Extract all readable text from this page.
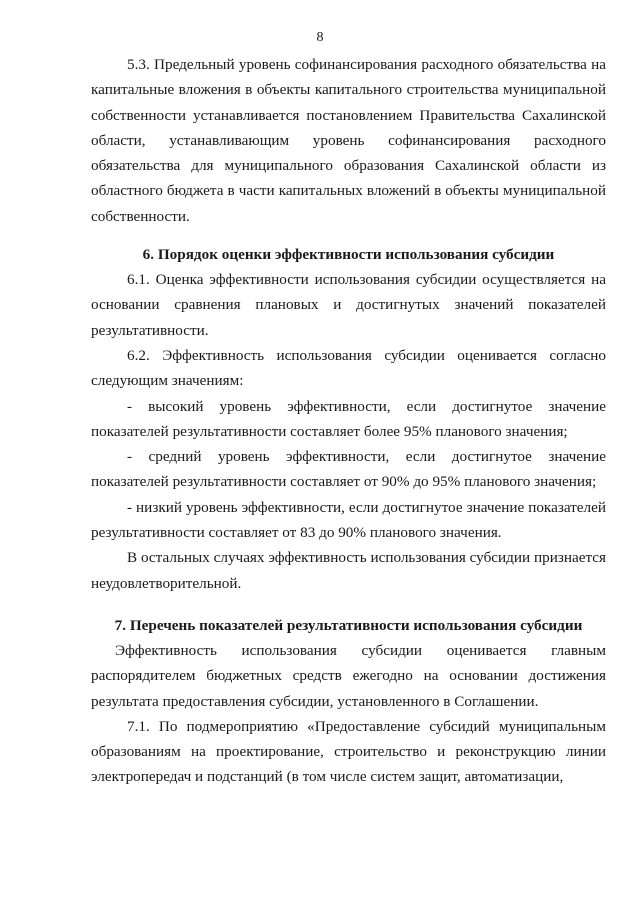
8

5.3. Предельный уровень софинансирования расходного обязательства на капитальные вложения в объекты капитального строительства муниципальной собственности устанавливается постановлением Правительства Сахалинской области, устанавливающим уровень софинансирования расходного обязательства для муниципального образования Сахалинской области из областного бюджета в части капитальных вложений в объекты муниципальной собственности.

6. Порядок оценки эффективности использования субсидии

6.1. Оценка эффективности использования субсидии осуществляется на основании сравнения плановых и достигнутых значений показателей результативности.

6.2. Эффективность использования субсидии оценивается согласно следующим значениям:

- высокий уровень эффективности, если достигнутое значение показателей результативности составляет более 95% планового значения;

- средний уровень эффективности, если достигнутое значение показателей результативности составляет от 90% до 95% планового значения;

- низкий уровень эффективности, если достигнутое значение показателей результативности составляет от 83 до 90% планового значения.

В остальных случаях эффективность использования субсидии признается неудовлетворительной.

7. Перечень показателей результативности использования субсидии

Эффективность использования субсидии оценивается главным распорядителем бюджетных средств ежегодно на основании достижения результата предоставления субсидии, установленного в Соглашении.

7.1. По подмероприятию «Предоставление субсидий муниципальным образованиям на проектирование, строительство и реконструкцию линии электропередач и подстанций (в том числе систем защит, автоматизации,
